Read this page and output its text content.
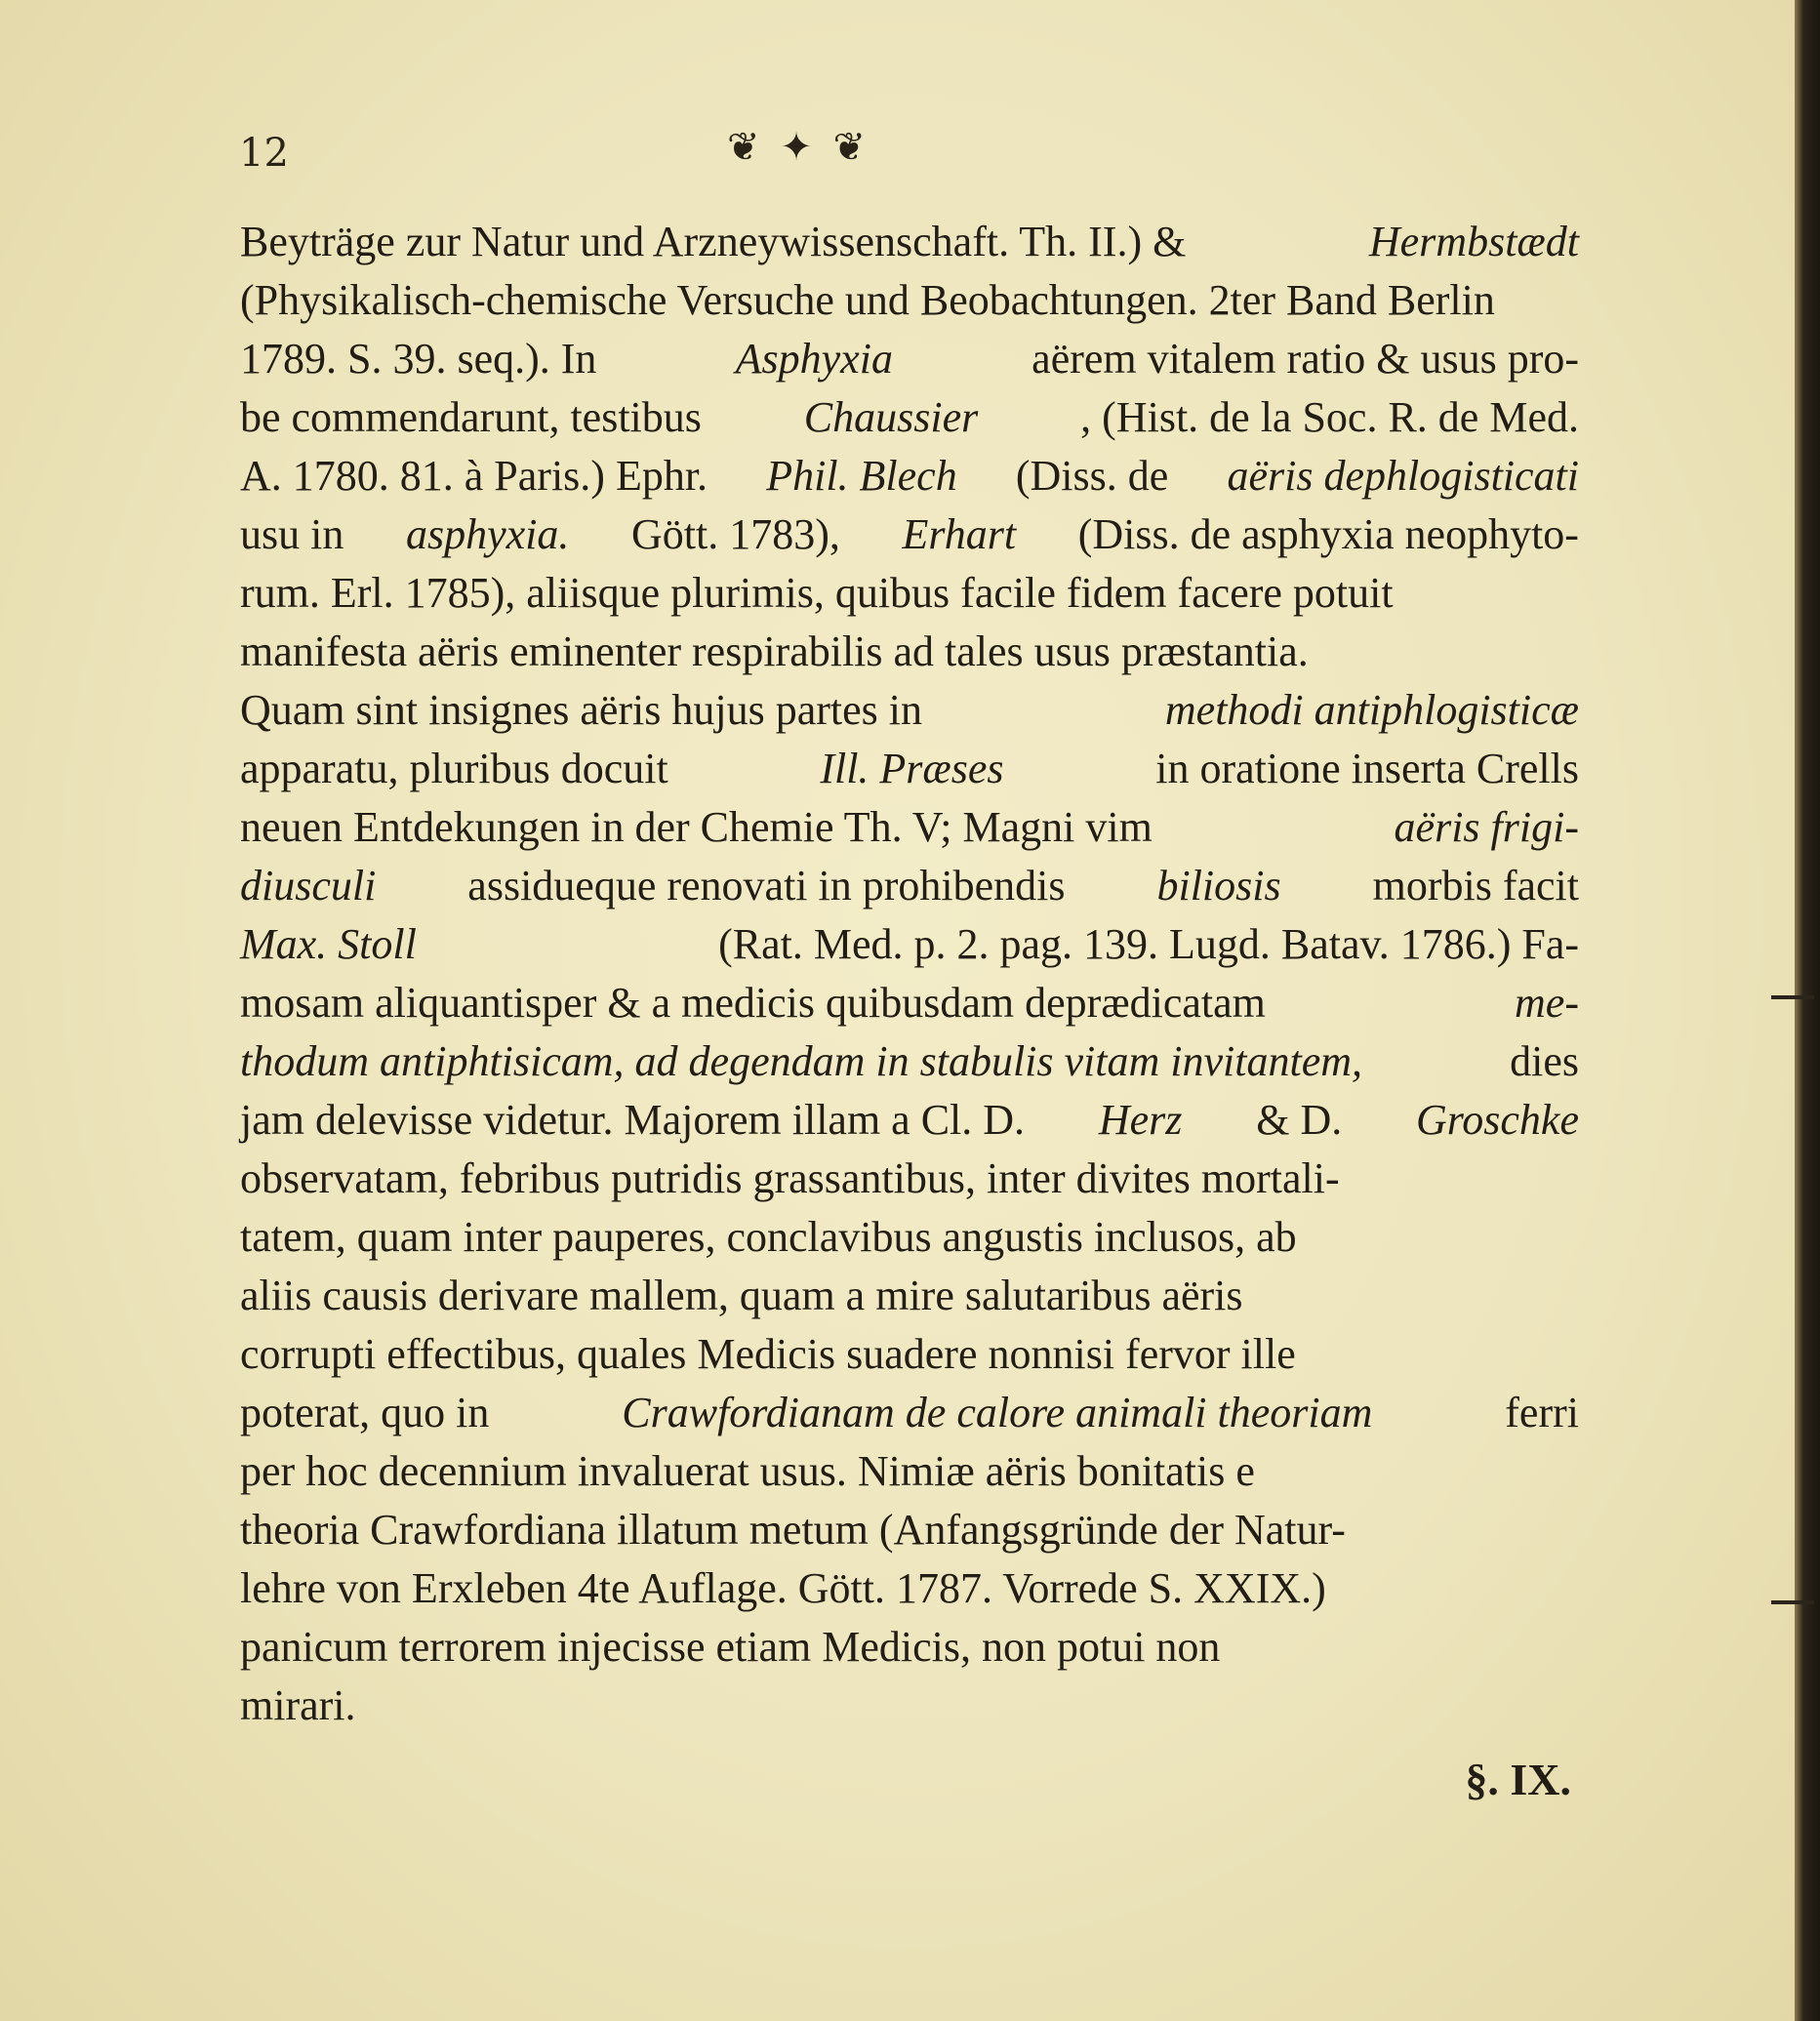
12	❦ ✦ ❦
Beyträge zur Natur und Arzneywissenschaft. Th. II.) &	Hermbstædt
(Physikalisch-chemische Versuche und Beobachtungen. 2ter Band Berlin
1789. S. 39. seq.). In	Asphyxia	aërem vitalem ratio & usus pro-
be commendarunt, testibus Chaussier , (Hist. de la Soc. R. de Med.
A. 1780. 81. à Paris.) Ephr. Phil. Blech (Diss. de aëris dephlogisticati
usu in asphyxia. Gött. 1783), Erhart (Diss. de asphyxia neophyto-
rum. Erl. 1785), aliisque plurimis, quibus facile fidem facere potuit
manifesta aëris eminenter respirabilis ad tales usus præstantia.
Quam sint insignes aëris hujus partes in	methodi antiphlogisticæ
apparatu, pluribus docuit	Ill. Præses	in oratione inserta Crells
neuen Entdekungen in der Chemie Th. V; Magni vim	aëris frigi-
diusculi assidueque renovati in prohibendis biliosis morbis facit
Max. Stoll	(Rat. Med. p. 2. pag. 139. Lugd. Batav. 1786.) Fa-
mosam aliquantisper & a medicis quibusdam deprædicatam	me-
thodum antiphtisicam, ad degendam in stabulis vitam invitantem,	dies
jam delevisse videtur. Majorem illam a Cl. D. Herz & D. Groschke
observatam, febribus putridis grassantibus, inter divites mortali-
tatem, quam inter pauperes, conclavibus angustis inclusos, ab
aliis causis derivare mallem, quam a mire salutaribus aëris
corrupti effectibus, quales Medicis suadere nonnisi fervor ille
poterat, quo in	Crawfordianam de calore animali theoriam	ferri
per hoc decennium invaluerat usus. Nimiæ aëris bonitatis e
theoria Crawfordiana illatum metum (Anfangsgründe der Natur-
lehre von Erxleben 4te Auflage. Gött. 1787. Vorrede S. XXIX.)
panicum terrorem injecisse etiam Medicis, non potui non
mirari.
§. IX.
